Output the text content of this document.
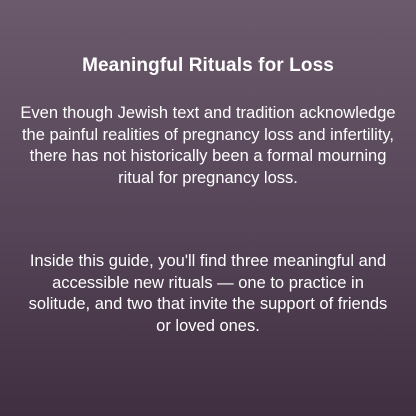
Meaningful Rituals for Loss

Even though Jewish text and tradition acknowledge the painful realities of pregnancy loss and infertility, there has not historically been a formal mourning ritual for pregnancy loss.

Inside this guide, you'll find three meaningful and accessible new rituals — one to practice in solitude, and two that invite the support of friends or loved ones.
